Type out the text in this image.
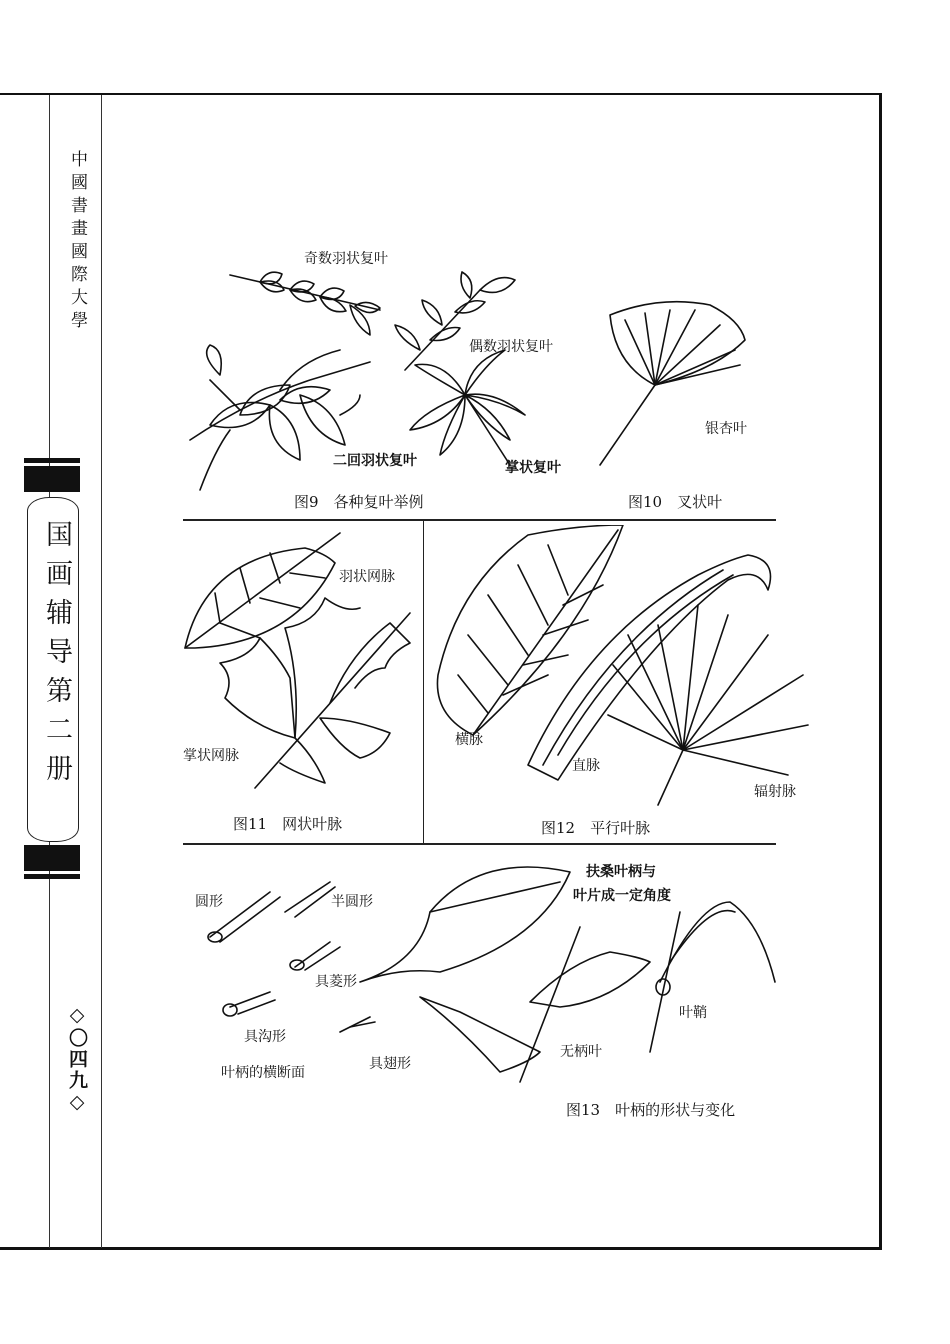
中國書畫國際大學
国画辅导第二册
◇〇四九◇
奇数羽状复叶
偶数羽状复叶
二回羽状复叶	掌状复叶
图9　各种复叶举例
银杏叶
图10　叉状叶
羽状网脉
掌状网脉
图11　网状叶脉
横脉
直脉
辐射脉
图12　平行叶脉
圆形	半圆形
具菱形
具沟形
具翅形
叶柄的横断面
扶桑叶柄与
叶片成一定角度
无柄叶
叶鞘
图13　叶柄的形状与变化
